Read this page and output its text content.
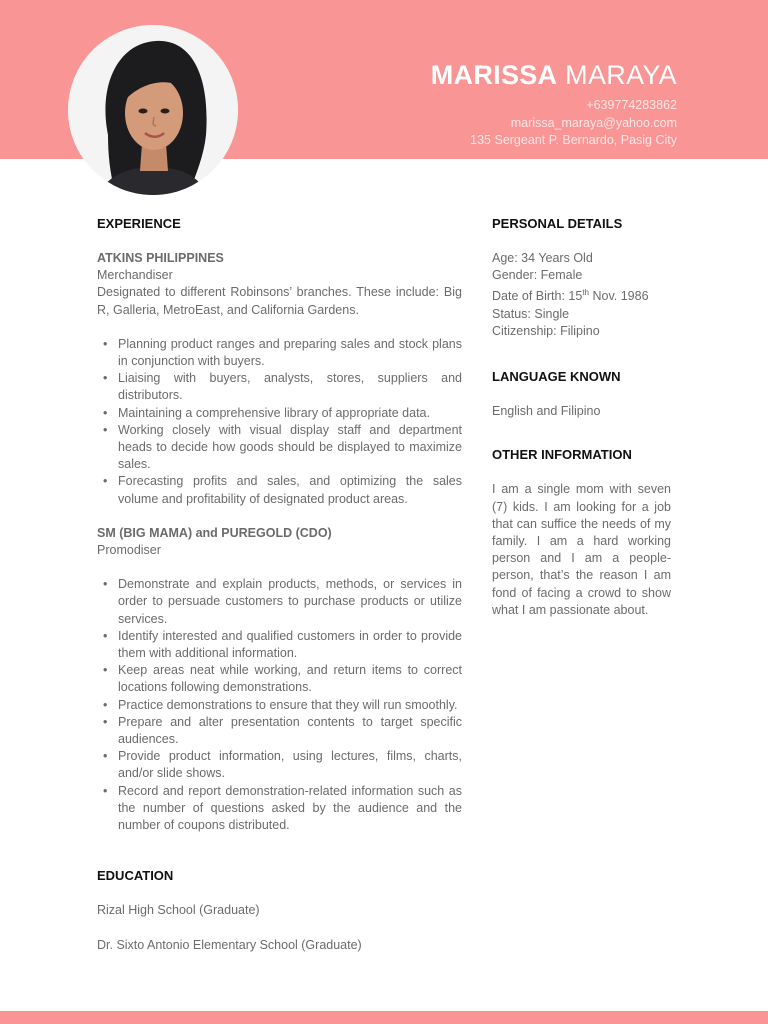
MARISSA MARAYA
+639774283862
marissa_maraya@yahoo.com
135 Sergeant P. Bernardo, Pasig City
EXPERIENCE
ATKINS PHILIPPINES
Merchandiser
Designated to different Robinsons’ branches. These include: Big R, Galleria, MetroEast, and California Gardens.
• Planning product ranges and preparing sales and stock plans in conjunction with buyers.
• Liaising with buyers, analysts, stores, suppliers and distributors.
• Maintaining a comprehensive library of appropriate data.
• Working closely with visual display staff and department heads to decide how goods should be displayed to maximize sales.
• Forecasting profits and sales, and optimizing the sales volume and profitability of designated product areas.
SM (BIG MAMA) and PUREGOLD (CDO)
Promodiser
• Demonstrate and explain products, methods, or services in order to persuade customers to purchase products or utilize services.
• Identify interested and qualified customers in order to provide them with additional information.
• Keep areas neat while working, and return items to correct locations following demonstrations.
• Practice demonstrations to ensure that they will run smoothly.
• Prepare and alter presentation contents to target specific audiences.
• Provide product information, using lectures, films, charts, and/or slide shows.
• Record and report demonstration-related information such as the number of questions asked by the audience and the number of coupons distributed.
EDUCATION
Rizal High School (Graduate)
Dr. Sixto Antonio Elementary School (Graduate)
PERSONAL DETAILS
Age: 34 Years Old
Gender: Female
Date of Birth: 15th Nov. 1986
Status: Single
Citizenship: Filipino
LANGUAGE KNOWN
English and Filipino
OTHER INFORMATION
I am a single mom with seven (7) kids. I am looking for a job that can suffice the needs of my family. I am a hard working person and I am a people-person, that’s the reason I am fond of facing a crowd to show what I am passionate about.
